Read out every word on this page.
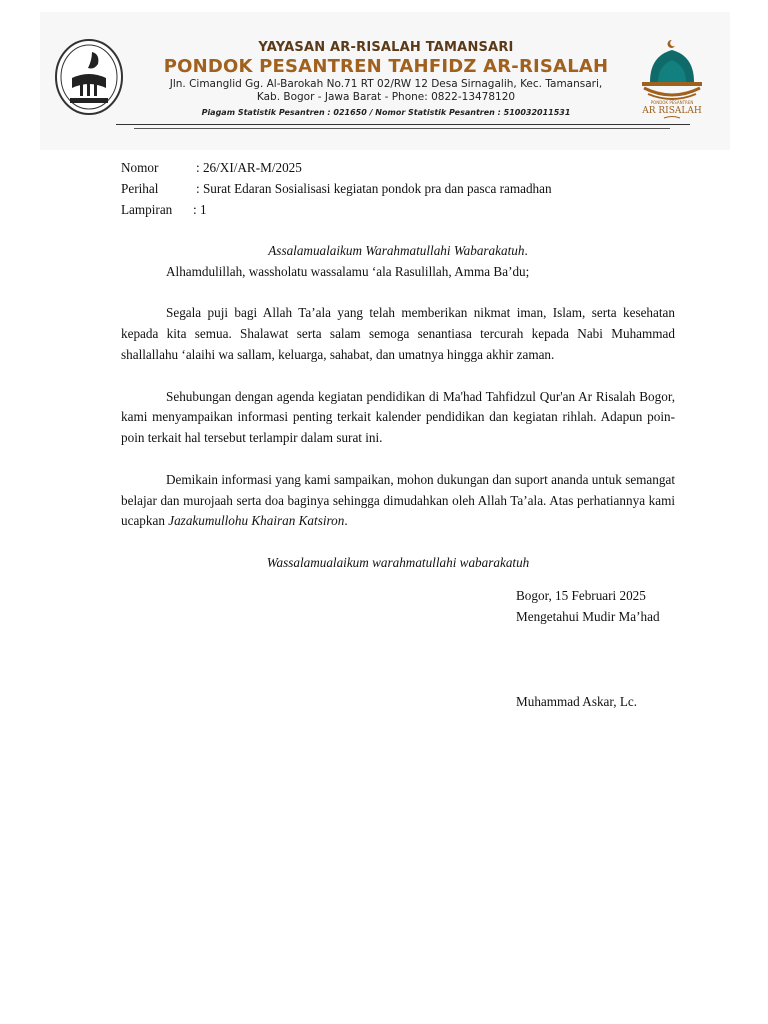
YAYASAN AR-RISALAH TAMANSARI
PONDOK PESANTREN TAHFIDZ AR-RISALAH
Jln. Cimanglid Gg. Al-Barokah No.71 RT 02/RW 12 Desa Sirnagalih, Kec. Tamansari,
Kab. Bogor - Jawa Barat - Phone: 0822-13478120
Piagam Statistik Pesantren : 021650 / Nomor Statistik Pesantren : 510032011531
PONDOK PESANTREN
AR RISALAH
Nomor	: 26/XI/AR-M/2025
Perihal	: Surat Edaran Sosialisasi kegiatan pondok pra dan pasca ramadhan
Lampiran : 1

Assalamualaikum Warahmatullahi Wabarakatuh.

Alhamdulillah, wassholatu wassalamu ‘ala Rasulillah, Amma Ba’du;

Segala puji bagi Allah Ta’ala yang telah memberikan nikmat iman, Islam, serta kesehatan kepada kita semua. Shalawat serta salam semoga senantiasa tercurah kepada Nabi Muhammad shallallahu ‘alaihi wa sallam, keluarga, sahabat, dan umatnya hingga akhir zaman.

Sehubungan dengan agenda kegiatan pendidikan di Ma'had Tahfidzul Qur'an Ar Risalah Bogor, kami menyampaikan informasi penting terkait kalender pendidikan dan kegiatan rihlah. Adapun poin-poin terkait hal tersebut terlampir dalam surat ini.

Demikain informasi yang kami sampaikan, mohon dukungan dan suport ananda untuk semangat belajar dan murojaah serta doa baginya sehingga dimudahkan oleh Allah Ta’ala. Atas perhatiannya kami ucapkan Jazakumullohu Khairan Katsiron.

Wassalamualaikum warahmatullahi wabarakatuh

Bogor, 15 Februari 2025
Mengetahui Mudir Ma’had
Muhammad Askar, Lc.
